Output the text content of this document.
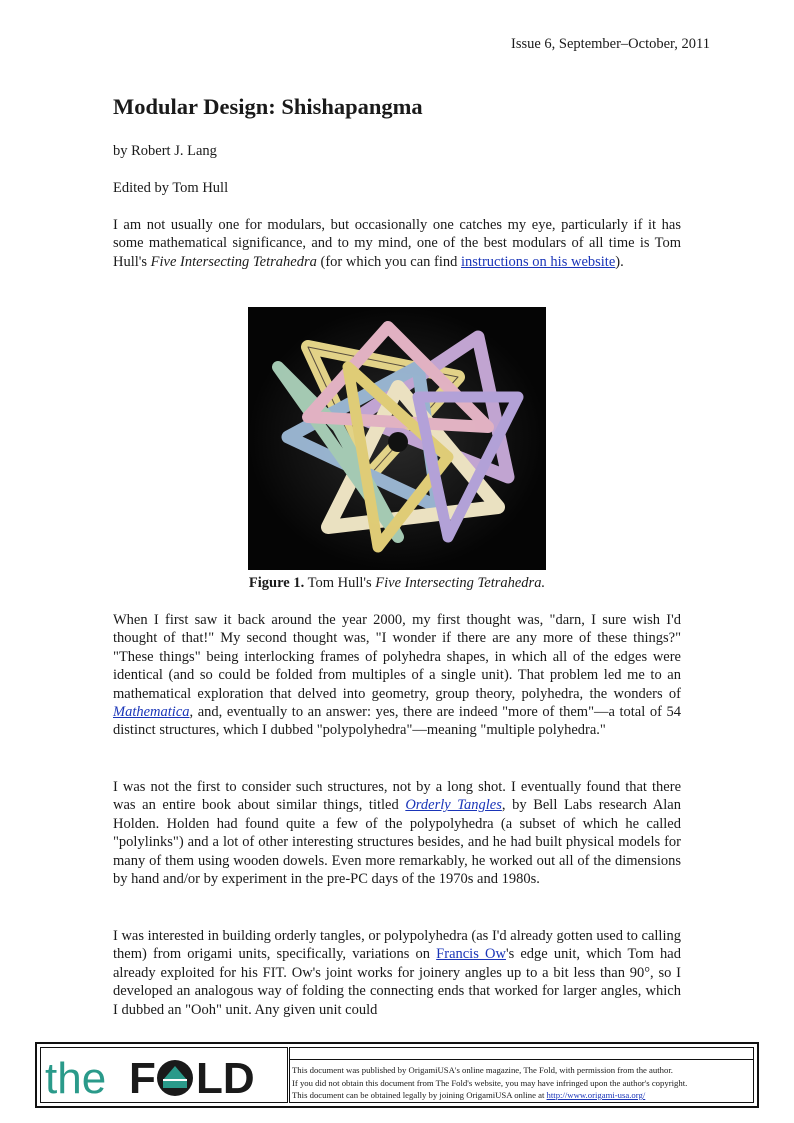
Issue 6, September–October, 2011
Modular Design: Shishapangma
by Robert J. Lang
Edited by Tom Hull

I am not usually one for modulars, but occasionally one catches my eye, particularly if it has some mathematical significance, and to my mind, one of the best modulars of all time is Tom Hull's Five Intersecting Tetrahedra (for which you can find instructions on his website).

Figure 1. Tom Hull's Five Intersecting Tetrahedra.

When I first saw it back around the year 2000, my first thought was, "darn, I sure wish I'd thought of that!" My second thought was, "I wonder if there are any more of these things?" "These things" being interlocking frames of polyhedra shapes, in which all of the edges were identical (and so could be folded from multiples of a single unit). That problem led me to an mathematical exploration that delved into geometry, group theory, polyhedra, the wonders of Mathematica, and, eventually to an answer: yes, there are indeed "more of them"—a total of 54 distinct structures, which I dubbed "polypolyhedra"—meaning "multiple polyhedra."

I was not the first to consider such structures, not by a long shot. I eventually found that there was an entire book about similar things, titled Orderly Tangles, by Bell Labs research Alan Holden. Holden had found quite a few of the polypolyhedra (a subset of which he called "polylinks") and a lot of other interesting structures besides, and he had built physical models for many of them using wooden dowels. Even more remarkably, he worked out all of the dimensions by hand and/or by experiment in the pre-PC days of the 1970s and 1980s.

I was interested in building orderly tangles, or polypolyhedra (as I'd already gotten used to calling them) from origami units, specifically, variations on Francis Ow's edge unit, which Tom had already exploited for his FIT. Ow's joint works for joinery angles up to a bit less than 90°, so I developed an analogous way of folding the connecting ends that worked for larger angles, which I dubbed an "Ooh" unit. Any given unit could

the F LD	This document was published by OrigamiUSA's online magazine, The Fold, with permission from the author.
If you did not obtain this document from The Fold's website, you may have infringed upon the author's copyright.
This document can be obtained legally by joining OrigamiUSA online at http://www.origami-usa.org/
